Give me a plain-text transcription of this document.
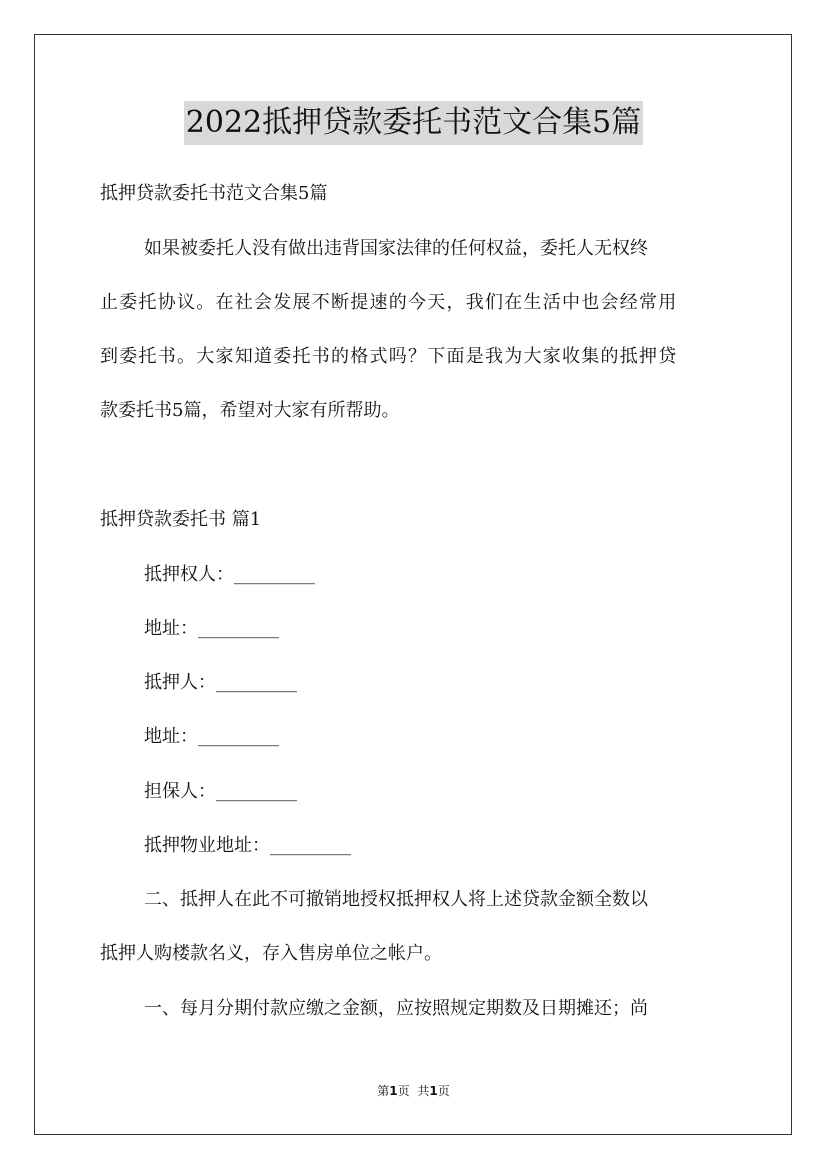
2022抵押贷款委托书范文合集5篇
抵押贷款委托书范文合集5篇
如果被委托人没有做出违背国家法律的任何权益，委托人无权终
止委托协议。在社会发展不断提速的今天，我们在生活中也会经常用
到委托书。大家知道委托书的格式吗？下面是我为大家收集的抵押贷
款委托书5篇，希望对大家有所帮助。
抵押贷款委托书 篇1
抵押权人：_________
地址：_________
抵押人：_________
地址：_________
担保人：_________
抵押物业地址：_________
二、抵押人在此不可撤销地授权抵押权人将上述贷款金额全数以
抵押人购楼款名义，存入售房单位之帐户。
一、每月分期付款应缴之金额，应按照规定期数及日期摊还；尚
第1页 共1页
